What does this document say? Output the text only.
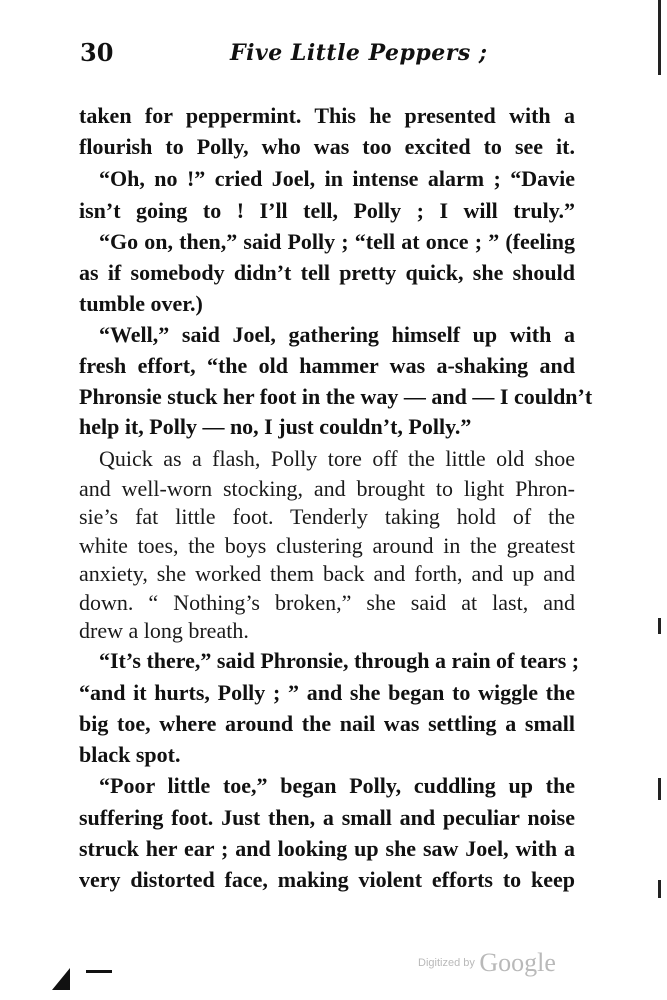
30	Five Little Peppers ;
taken for peppermint. This he presented with a
flourish to Polly, who was too excited to see it.
“Oh, no !” cried Joel, in intense alarm ; “Davie
isn’t going to ! I’ll tell, Polly ; I will truly.”
“Go on, then,” said Polly ; “tell at once ; ” (feeling
as if somebody didn’t tell pretty quick, she should
tumble over.)
“Well,” said Joel, gathering himself up with a
fresh effort, “the old hammer was a-shaking and
Phronsie stuck her foot in the way — and — I couldn’t
help it, Polly — no, I just couldn’t, Polly.”
Quick as a flash, Polly tore off the little old shoe
and well-worn stocking, and brought to light Phron-
sie’s fat little foot. Tenderly taking hold of the
white toes, the boys clustering around in the greatest
anxiety, she worked them back and forth, and up and
down. “ Nothing’s broken,” she said at last, and
drew a long breath.
“It’s there,” said Phronsie, through a rain of tears ;
“and it hurts, Polly ; ” and she began to wiggle the
big toe, where around the nail was settling a small
black spot.
“Poor little toe,” began Polly, cuddling up the
suffering foot. Just then, a small and peculiar noise
struck her ear ; and looking up she saw Joel, with a
very distorted face, making violent efforts to keep
Digitized by Google
